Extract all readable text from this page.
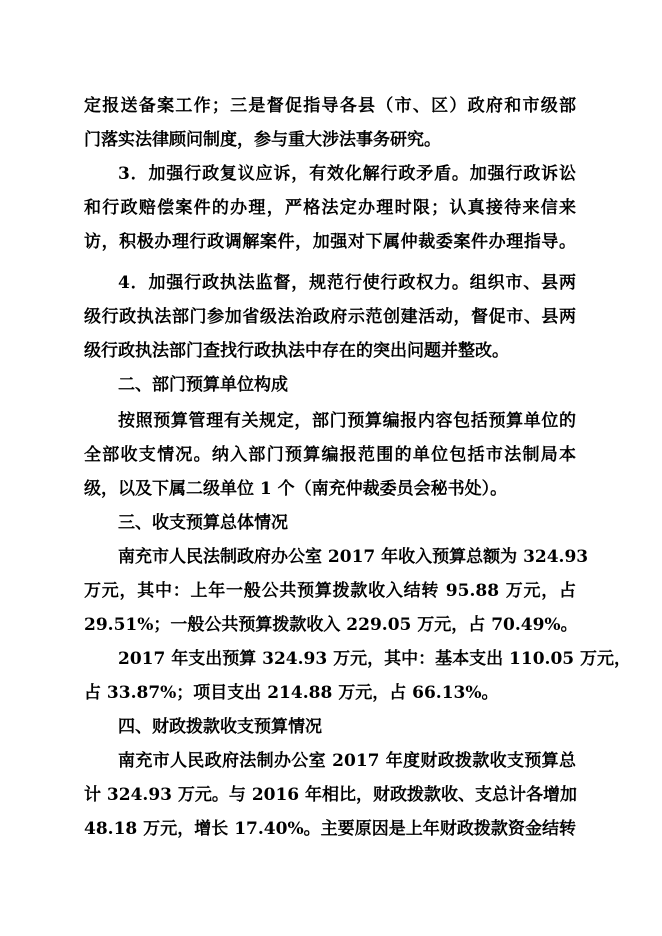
定报送备案工作；三是督促指导各县（市、区）政府和市级部
门落实法律顾问制度，参与重大涉法事务研究。
3．加强行政复议应诉，有效化解行政矛盾。加强行政诉讼
和行政赔偿案件的办理，严格法定办理时限；认真接待来信来
访，积极办理行政调解案件，加强对下属仲裁委案件办理指导。
4．加强行政执法监督，规范行使行政权力。组织市、县两
级行政执法部门参加省级法治政府示范创建活动，督促市、县两
级行政执法部门查找行政执法中存在的突出问题并整改。
二、部门预算单位构成
按照预算管理有关规定，部门预算编报内容包括预算单位的
全部收支情况。纳入部门预算编报范围的单位包括市法制局本
级，以及下属二级单位 1 个（南充仲裁委员会秘书处）。
三、收支预算总体情况
南充市人民法制政府办公室 2017 年收入预算总额为 324.93
万元，其中：上年一般公共预算拨款收入结转 95.88 万元，占
29.51%；一般公共预算拨款收入 229.05 万元，占 70.49%。
2017 年支出预算 324.93 万元，其中：基本支出 110.05 万元，
占 33.87%；项目支出 214.88 万元，占 66.13%。
四、财政拨款收支预算情况
南充市人民政府法制办公室 2017 年度财政拨款收支预算总
计 324.93 万元。与 2016 年相比，财政拨款收、支总计各增加
48.18 万元，增长 17.40%。主要原因是上年财政拨款资金结转
